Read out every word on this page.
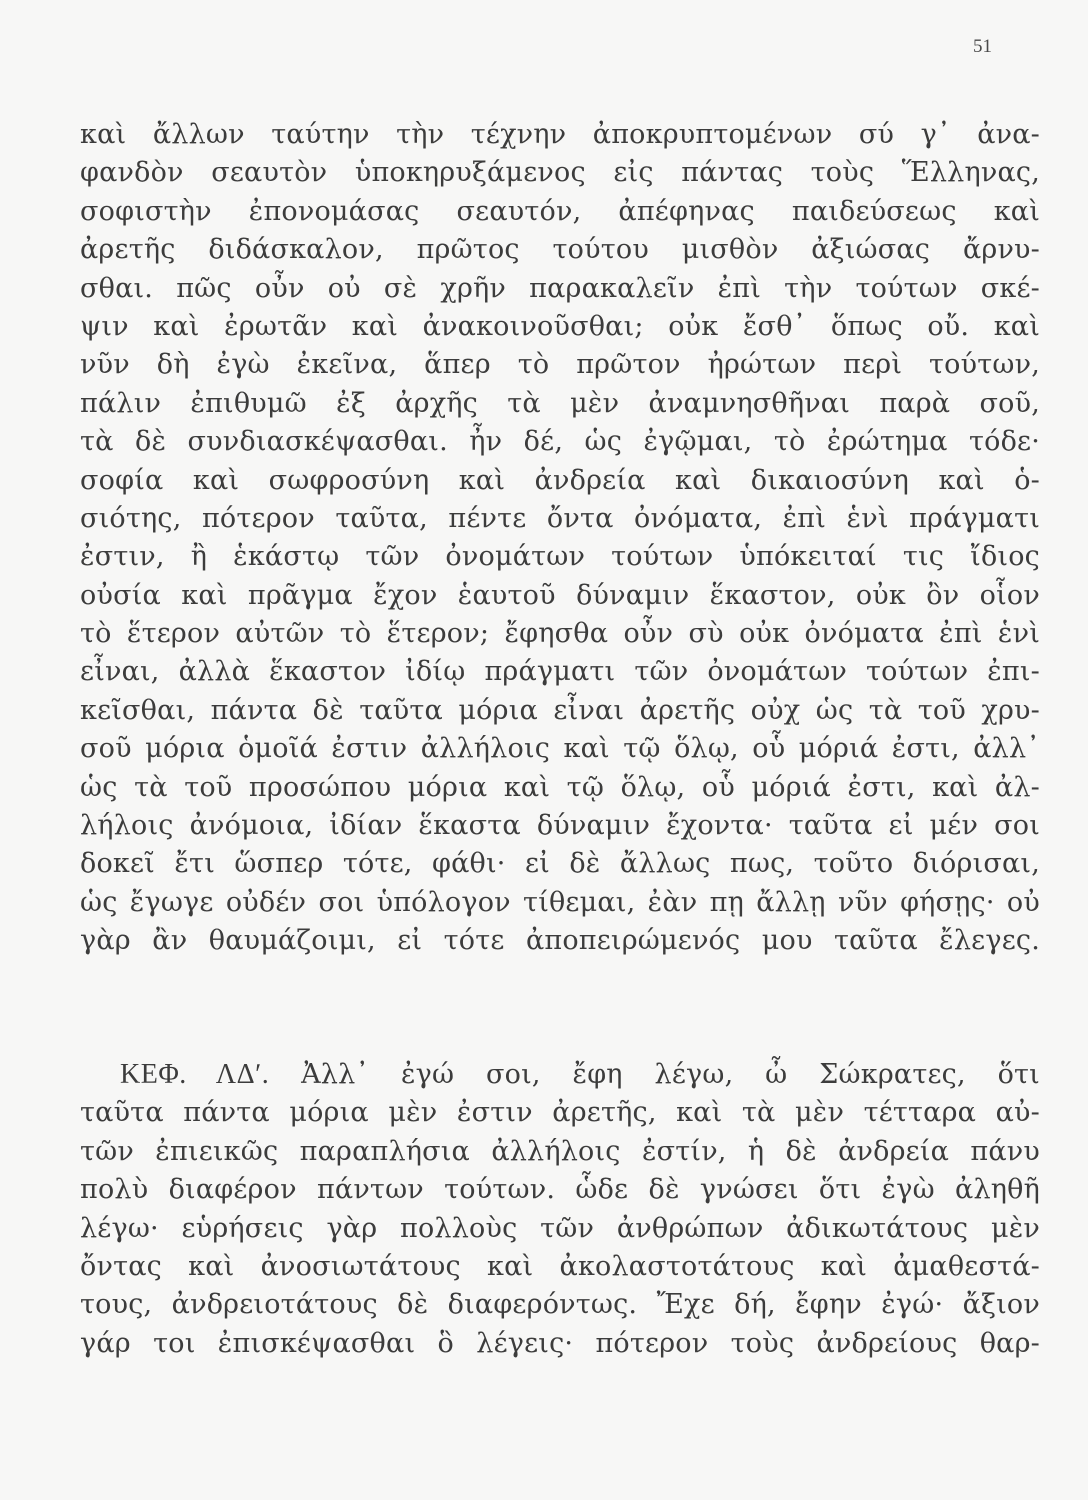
51
καὶ ἄλλων ταύτην τὴν τέχνην ἀποκρυπτομένων σύ γ᾽ ἀνα-
φανδὸν σεαυτὸν ὑποκηρυξάμενος εἰς πάντας τοὺς Ἕλληνας,
σοφιστὴν ἐπονομάσας σεαυτόν, ἀπέφηνας παιδεύσεως καὶ
ἀρετῆς διδάσκαλον, πρῶτος τούτου μισθὸν ἀξιώσας ἄρνυ-
σθαι. πῶς οὖν οὐ σὲ χρῆν παρακαλεῖν ἐπὶ τὴν τούτων σκέ-
ψιν καὶ ἐρωτᾶν καὶ ἀνακοινοῦσθαι; οὐκ ἔσθ᾽ ὅπως οὔ. καὶ
νῦν δὴ ἐγὼ ἐκεῖνα, ἅπερ τὸ πρῶτον ἠρώτων περὶ τούτων,
πάλιν ἐπιθυμῶ ἐξ ἀρχῆς τὰ μὲν ἀναμνησθῆναι παρὰ σοῦ,
τὰ δὲ συνδιασκέψασθαι. ἦν δέ, ὡς ἐγῷμαι, τὸ ἐρώτημα τόδε·
σοφία καὶ σωφροσύνη καὶ ἀνδρεία καὶ δικαιοσύνη καὶ ὁ-
σιότης, πότερον ταῦτα, πέντε ὄντα ὀνόματα, ἐπὶ ἑνὶ πράγματι
ἐστιν, ἢ ἑκάστῳ τῶν ὀνομάτων τούτων ὑπόκειταί τις ἴδιος
οὐσία καὶ πρᾶγμα ἔχον ἑαυτοῦ δύναμιν ἕκαστον, οὐκ ὂν οἷον
τὸ ἕτερον αὐτῶν τὸ ἕτερον; ἔφησθα οὖν σὺ οὐκ ὀνόματα ἐπὶ ἑνὶ
εἶναι, ἀλλὰ ἕκαστον ἰδίῳ πράγματι τῶν ὀνομάτων τούτων ἐπι-
κεῖσθαι, πάντα δὲ ταῦτα μόρια εἶναι ἀρετῆς οὐχ ὡς τὰ τοῦ χρυ-
σοῦ μόρια ὁμοῖά ἐστιν ἀλλήλοις καὶ τῷ ὅλῳ, οὗ μόριά ἐστι, ἀλλ᾽
ὡς τὰ τοῦ προσώπου μόρια καὶ τῷ ὅλῳ, οὗ μόριά ἐστι, καὶ ἀλ-
λήλοις ἀνόμοια, ἰδίαν ἕκαστα δύναμιν ἔχοντα· ταῦτα εἰ μέν σοι
δοκεῖ ἔτι ὥσπερ τότε, φάθι· εἰ δὲ ἄλλως πως, τοῦτο διόρισαι,
ὡς ἔγωγε οὐδέν σοι ὑπόλογον τίθεμαι, ἐὰν πῃ ἄλλῃ νῦν φήσῃς· οὐ
γὰρ ἂν θαυμάζοιμι, εἰ τότε ἀποπειρώμενός μου ταῦτα ἔλεγες.
ΚΕΦ. ΛΔʹ. Ἀλλ᾽ ἐγώ σοι, ἔφη λέγω, ὦ Σώκρατες, ὅτι
ταῦτα πάντα μόρια μὲν ἐστιν ἀρετῆς, καὶ τὰ μὲν τέτταρα αὐ-
τῶν ἐπιεικῶς παραπλήσια ἀλλήλοις ἐστίν, ἡ δὲ ἀνδρεία πάνυ
πολὺ διαφέρον πάντων τούτων. ὧδε δὲ γνώσει ὅτι ἐγὼ ἀληθῆ
λέγω· εὑρήσεις γὰρ πολλοὺς τῶν ἀνθρώπων ἀδικωτάτους μὲν
ὄντας καὶ ἀνοσιωτάτους καὶ ἀκολαστοτάτους καὶ ἀμαθεστά-
τους, ἀνδρειοτάτους δὲ διαφερόντως. Ἔχε δή, ἔφην ἐγώ· ἄξιον
γάρ τοι ἐπισκέψασθαι ὃ λέγεις· πότερον τοὺς ἀνδρείους θαρ-
